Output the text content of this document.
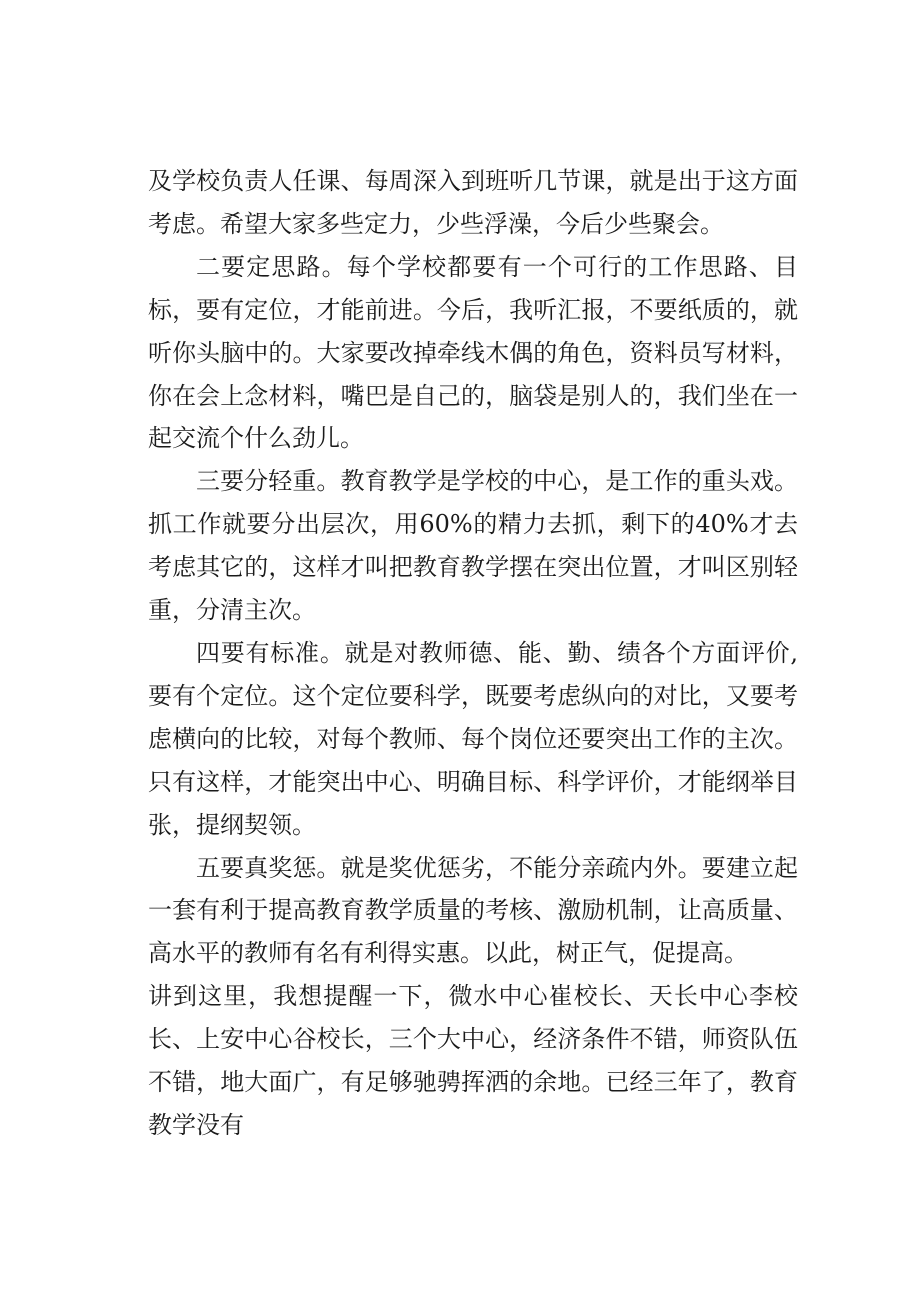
及学校负责人任课、每周深入到班听几节课，就是出于这方面考虑。希望大家多些定力，少些浮澡，今后少些聚会。

二要定思路。每个学校都要有一个可行的工作思路、目标，要有定位，才能前进。今后，我听汇报，不要纸质的，就听你头脑中的。大家要改掉牵线木偶的角色，资料员写材料，你在会上念材料，嘴巴是自己的，脑袋是别人的，我们坐在一起交流个什么劲儿。

三要分轻重。教育教学是学校的中心，是工作的重头戏。抓工作就要分出层次，用60%的精力去抓，剩下的40%才去考虑其它的，这样才叫把教育教学摆在突出位置，才叫区别轻重，分清主次。

四要有标准。就是对教师德、能、勤、绩各个方面评价,要有个定位。这个定位要科学，既要考虑纵向的对比，又要考虑横向的比较，对每个教师、每个岗位还要突出工作的主次。只有这样，才能突出中心、明确目标、科学评价，才能纲举目张，提纲契领。

五要真奖惩。就是奖优惩劣，不能分亲疏内外。要建立起一套有利于提高教育教学质量的考核、激励机制，让高质量、高水平的教师有名有利得实惠。以此，树正气，促提高。

讲到这里，我想提醒一下，微水中心崔校长、天长中心李校长、上安中心谷校长，三个大中心，经济条件不错，师资队伍不错，地大面广，有足够驰骋挥洒的余地。已经三年了，教育教学没有
